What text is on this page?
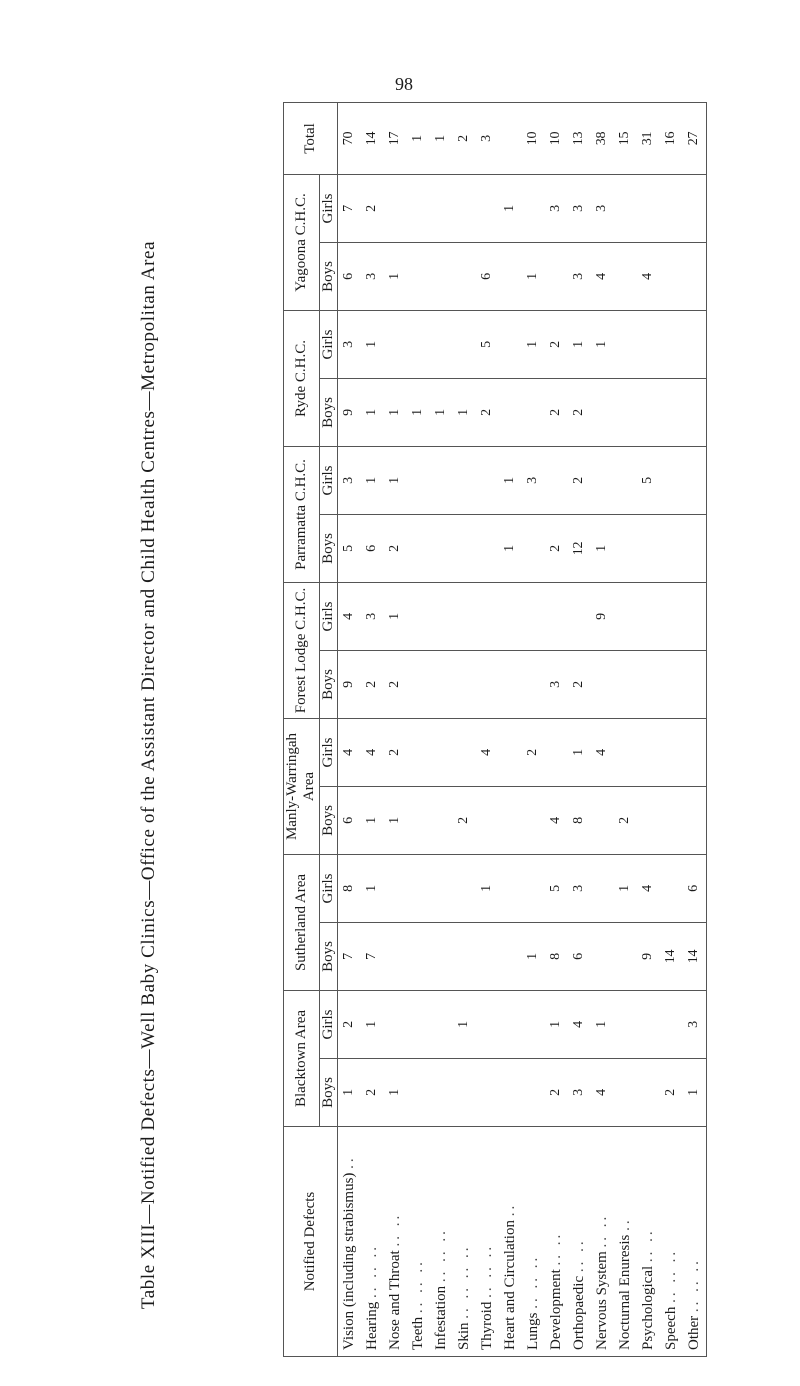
98
Table XIII—Notified Defects—Well Baby Clinics—Office of the Assistant Director and Child Health Centres—Metropolitan Area	Notified Defects	Blacktown Area		Sutherland Area		Manly-Warringah Area		Forest Lodge C.H.C.		Parramatta C.H.C.		Ryde C.H.C.		Yagoona C.H.C.		Total
	Boys	Girls	Boys	Girls	Boys	Girls	Boys	Girls	Boys	Girls	Boys	Girls	Boys	Girls	
Vision (including strabismus) ..	1	2	7	8	6	4	9	4	5	3	9	3	6	7	70
Hearing .. .. ..	2	1	7	1	1	4	2	3	6	1	1	1	3	2	14
Nose and Throat .. ..	1				1	2	2	1	2	1	1		1		17
Teeth .. .. ..											1				1
Infestation .. .. ..											1				1
Skin .. .. .. ..		1			2						1				2
Thyroid .. .. ..				1		4					2	5	6		3
Heart and Circulation ..									1	1				1	
Lungs .. .. ..			1			2				3		1	1		10
Development .. ..	2	1	8	5	4		3		2		2	2		3	10
Orthopaedic .. ..	3	4	6	3	8	1	2		12	2	2	1	3	3	13
Nervous System .. ..	4	1				4		9	1			1	4	3	38
Nocturnal Enuresis ..				1	2										15
Psychological .. ..			9	4						5			4		31
Speech .. .. ..	2		14												16
Other .. .. ..	1	3	14	6											27
